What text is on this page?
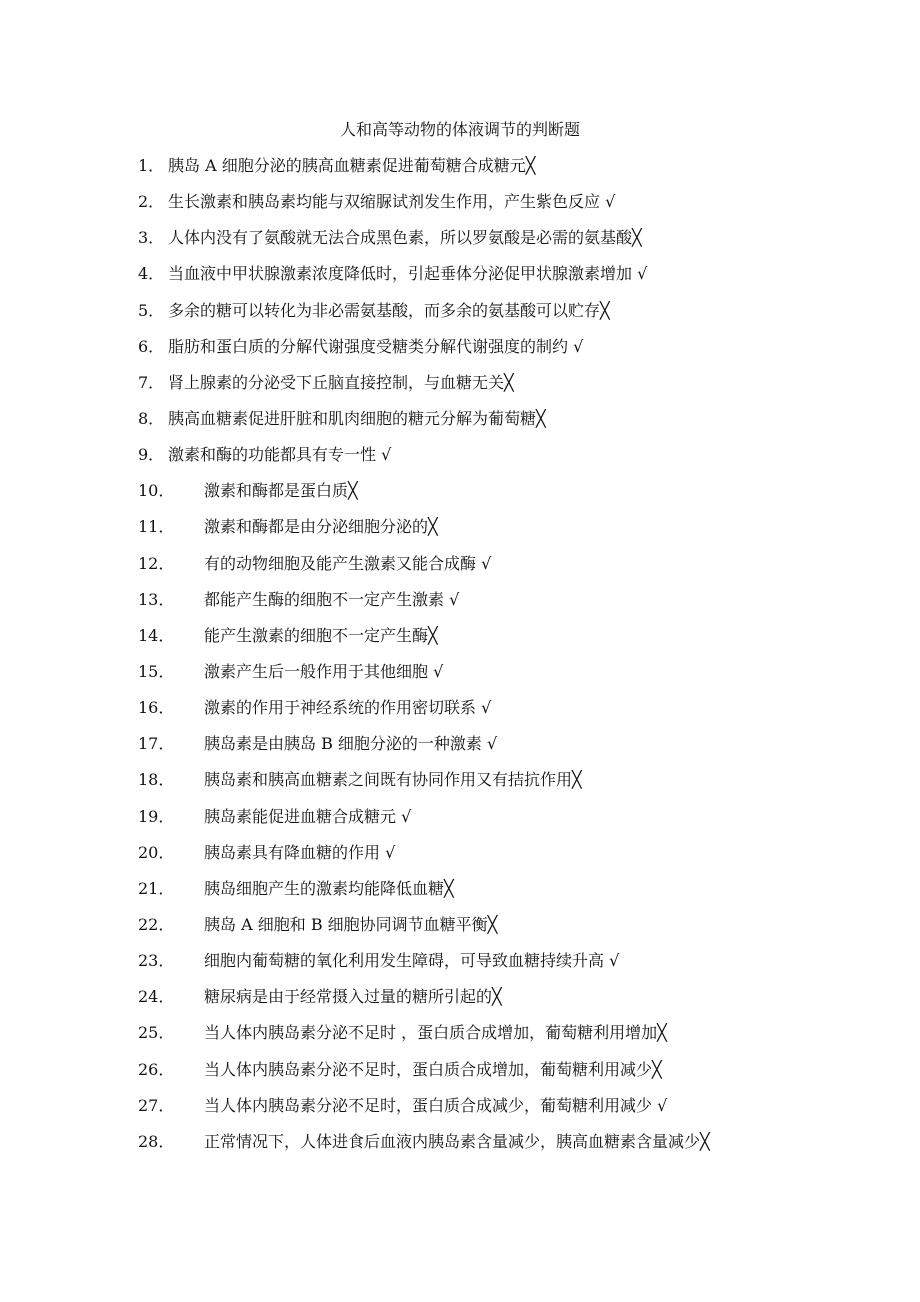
人和高等动物的体液调节的判断题
1． 胰岛 A 细胞分泌的胰高血糖素促进葡萄糖合成糖元╳
2． 生长激素和胰岛素均能与双缩脲试剂发生作用，产生紫色反应 √
3． 人体内没有了氨酸就无法合成黑色素，所以罗氨酸是必需的氨基酸╳
4． 当血液中甲状腺激素浓度降低时，引起垂体分泌促甲状腺激素增加 √
5． 多余的糖可以转化为非必需氨基酸，而多余的氨基酸可以贮存╳
6． 脂肪和蛋白质的分解代谢强度受糖类分解代谢强度的制约 √
7． 肾上腺素的分泌受下丘脑直接控制，与血糖无关╳
8． 胰高血糖素促进肝脏和肌肉细胞的糖元分解为葡萄糖╳
9． 激素和酶的功能都具有专一性 √
10．	激素和酶都是蛋白质╳
11．	激素和酶都是由分泌细胞分泌的╳
12．	有的动物细胞及能产生激素又能合成酶 √
13．	都能产生酶的细胞不一定产生激素 √
14．	能产生激素的细胞不一定产生酶╳
15．	激素产生后一般作用于其他细胞 √
16．	激素的作用于神经系统的作用密切联系 √
17．	胰岛素是由胰岛 B 细胞分泌的一种激素 √
18．	胰岛素和胰高血糖素之间既有协同作用又有拮抗作用╳
19．	胰岛素能促进血糖合成糖元 √
20．	胰岛素具有降血糖的作用 √
21．	胰岛细胞产生的激素均能降低血糖╳
22．	胰岛 A 细胞和 B 细胞协同调节血糖平衡╳
23．	细胞内葡萄糖的氧化利用发生障碍，可导致血糖持续升高 √
24．	糖尿病是由于经常摄入过量的糖所引起的╳
25．	当人体内胰岛素分泌不足时 ，蛋白质合成增加，葡萄糖利用增加╳
26．	当人体内胰岛素分泌不足时，蛋白质合成增加，葡萄糖利用减少╳
27．	当人体内胰岛素分泌不足时，蛋白质合成减少，葡萄糖利用减少 √
28．	正常情况下，人体进食后血液内胰岛素含量减少，胰高血糖素含量减少╳
